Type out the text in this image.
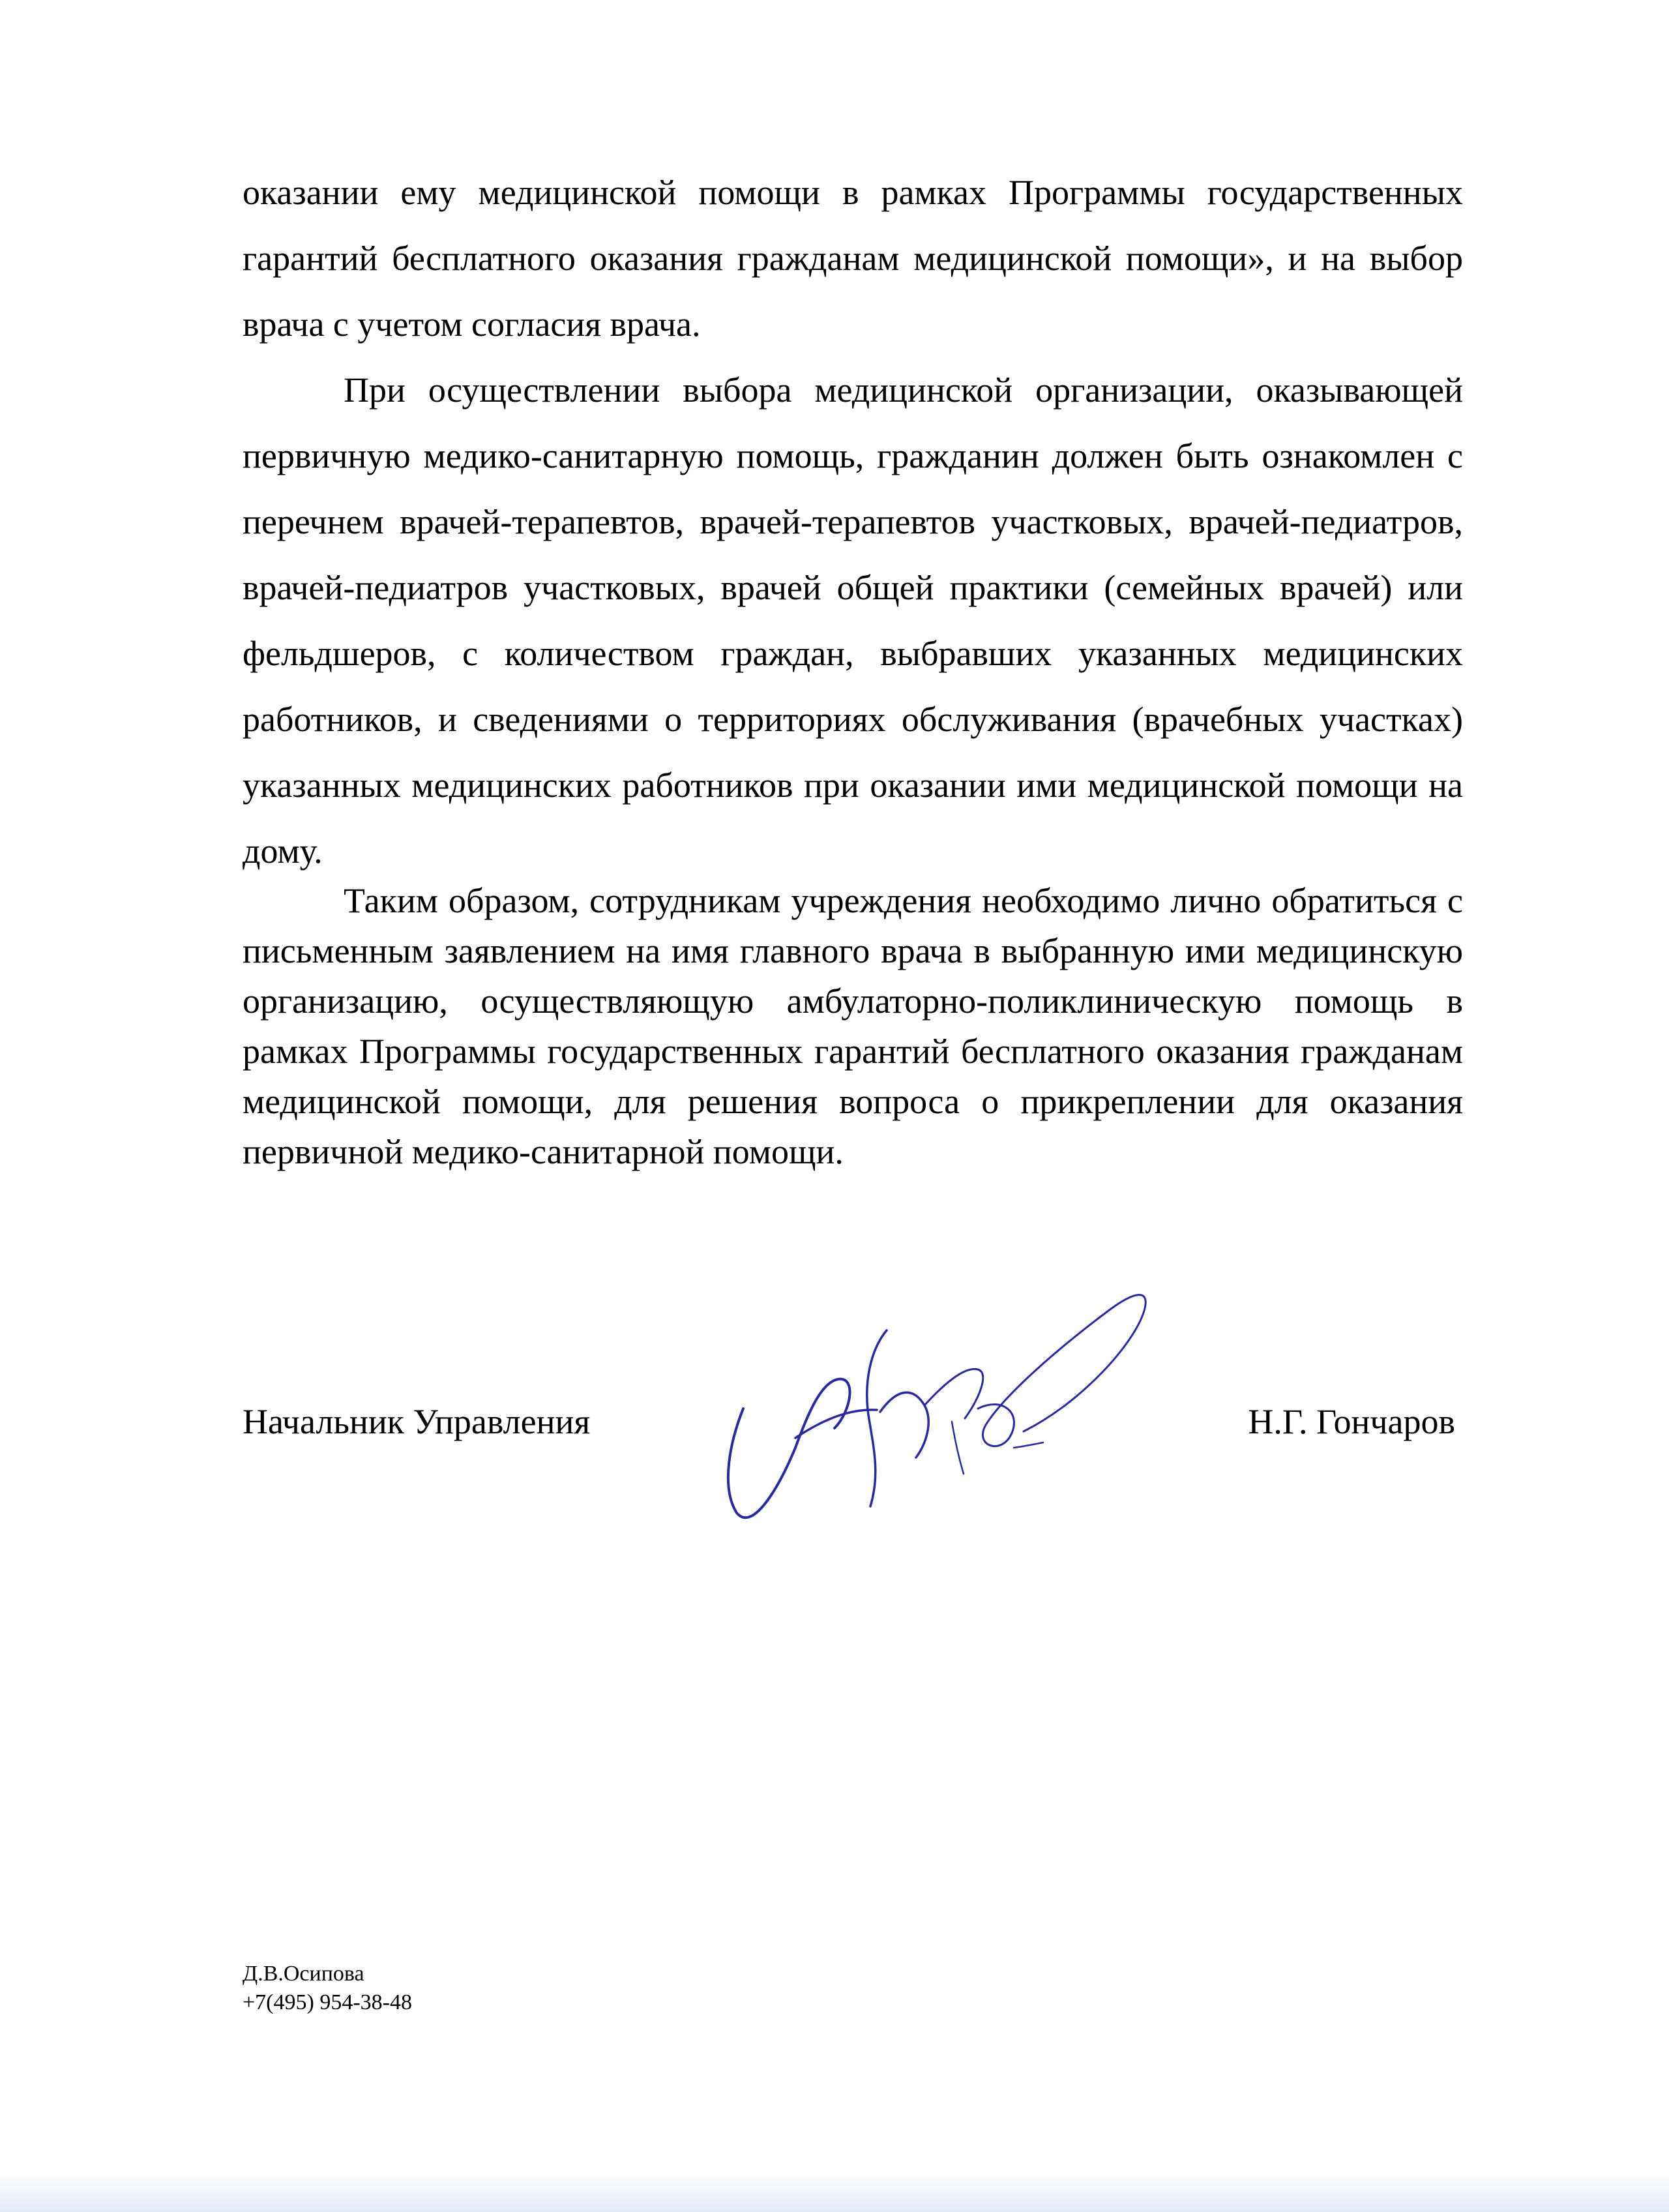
оказании ему медицинской помощи в рамках Программы государственных гарантий бесплатного оказания гражданам медицинской помощи», и на выбор врача с учетом согласия врача.

При осуществлении выбора медицинской организации, оказывающей первичную медико-санитарную помощь, гражданин должен быть ознакомлен с перечнем врачей-терапевтов, врачей-терапевтов участковых, врачей-педиатров, врачей-педиатров участковых, врачей общей практики (семейных врачей) или фельдшеров, с количеством граждан, выбравших указанных медицинских работников, и сведениями о территориях обслуживания (врачебных участках) указанных медицинских работников при оказании ими медицинской помощи на дому.

Таким образом, сотрудникам учреждения необходимо лично обратиться с письменным заявлением на имя главного врача в выбранную ими медицинскую организацию, осуществляющую амбулаторно-поликлиническую помощь в рамках Программы государственных гарантий бесплатного оказания гражданам медицинской помощи, для решения вопроса о прикреплении для оказания первичной медико-санитарной помощи.

Начальник Управления	Н.Г. Гончаров
Д.В.Осипова
+7(495) 954-38-48
